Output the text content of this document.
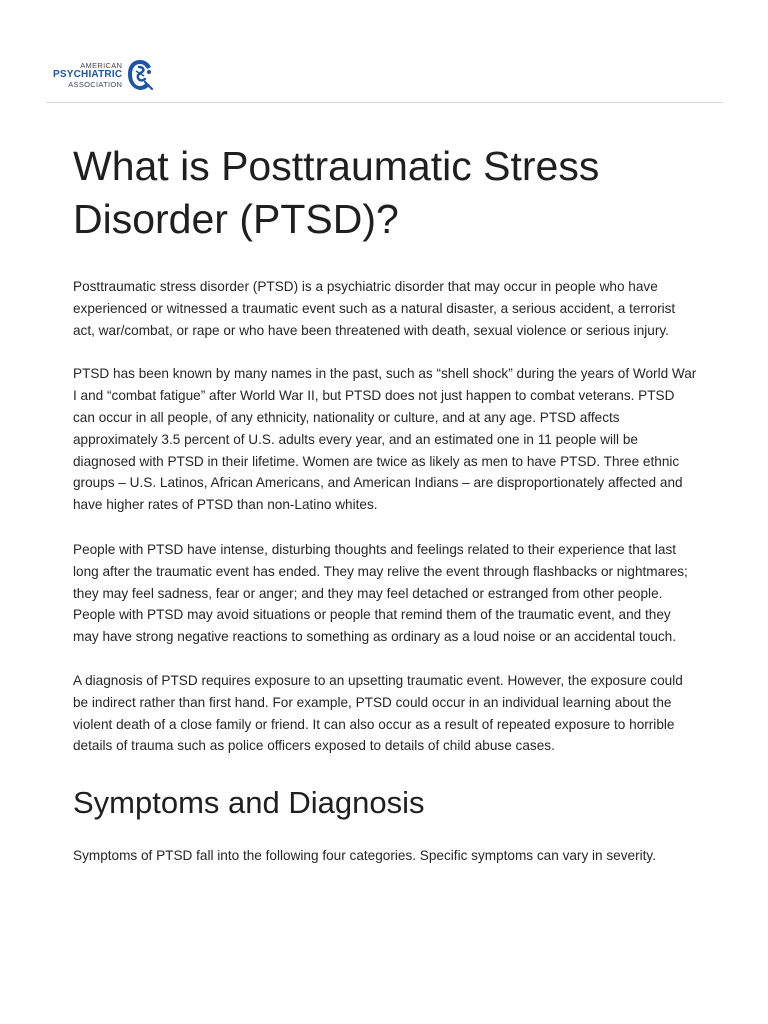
AMERICAN
PSYCHIATRIC
ASSOCIATION
What is Posttraumatic Stress Disorder (PTSD)?

Posttraumatic stress disorder (PTSD) is a psychiatric disorder that may occur in people who have experienced or witnessed a traumatic event such as a natural disaster, a serious accident, a terrorist act, war/combat, or rape or who have been threatened with death, sexual violence or serious injury.

PTSD has been known by many names in the past, such as “shell shock” during the years of World War I and “combat fatigue” after World War II, but PTSD does not just happen to combat veterans. PTSD can occur in all people, of any ethnicity, nationality or culture, and at any age. PTSD affects approximately 3.5 percent of U.S. adults every year, and an estimated one in 11 people will be diagnosed with PTSD in their lifetime. Women are twice as likely as men to have PTSD. Three ethnic groups – U.S. Latinos, African Americans, and American Indians – are disproportionately affected and have higher rates of PTSD than non-Latino whites.

People with PTSD have intense, disturbing thoughts and feelings related to their experience that last long after the traumatic event has ended. They may relive the event through flashbacks or nightmares; they may feel sadness, fear or anger; and they may feel detached or estranged from other people. People with PTSD may avoid situations or people that remind them of the traumatic event, and they may have strong negative reactions to something as ordinary as a loud noise or an accidental touch.

A diagnosis of PTSD requires exposure to an upsetting traumatic event. However, the exposure could be indirect rather than first hand. For example, PTSD could occur in an individual learning about the violent death of a close family or friend. It can also occur as a result of repeated exposure to horrible details of trauma such as police officers exposed to details of child abuse cases.

Symptoms and Diagnosis

Symptoms of PTSD fall into the following four categories. Specific symptoms can vary in severity.
